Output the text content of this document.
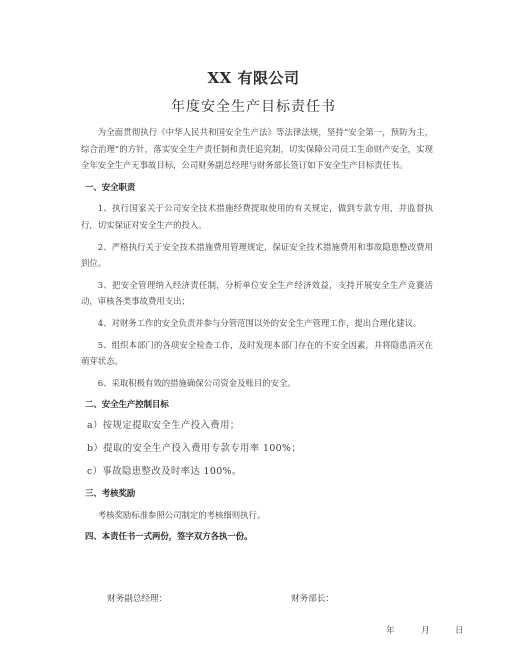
XX 有限公司
年度安全生产目标责任书

为全面贯彻执行《中华人民共和国安全生产法》等法律法规，坚持“安全第一，预防为主，综合治理”的方针，落实安全生产责任制和责任追究制，切实保障公司员工生命财产安全，实现全年安全生产无事故目标，公司财务副总经理与财务部长签订如下安全生产目标责任书。

一、安全职责

1、执行国家关于公司安全技术措施经费提取使用的有关规定，做到专款专用，并监督执行，切实保证对安全生产的投入。

2、严格执行关于安全技术措施费用管理规定，保证安全技术措施费用和事故隐患整改费用到位。

3、把安全管理纳入经济责任制，分析单位安全生产经济效益，支持开展安全生产竞赛活动，审核各类事故费用支出；

4、对财务工作的安全负责并参与分管范围以外的安全生产管理工作，提出合理化建议。

5、组织本部门的各项安全检查工作，及时发现本部门存在的不安全因素，并将隐患消灭在萌芽状态。

6、采取积极有效的措施确保公司资金及账目的安全。

二、安全生产控制目标

a）按规定提取安全生产投入费用；

b）提取的安全生产投入费用专款专用率 100%；

c）事故隐患整改及时率达 100%。

三、考核奖励

考核奖励标准参照公司制定的考核细则执行。

四、本责任书一式两份，签字双方各执一份。

财务副总经理：	财务部长：
年	月	日
